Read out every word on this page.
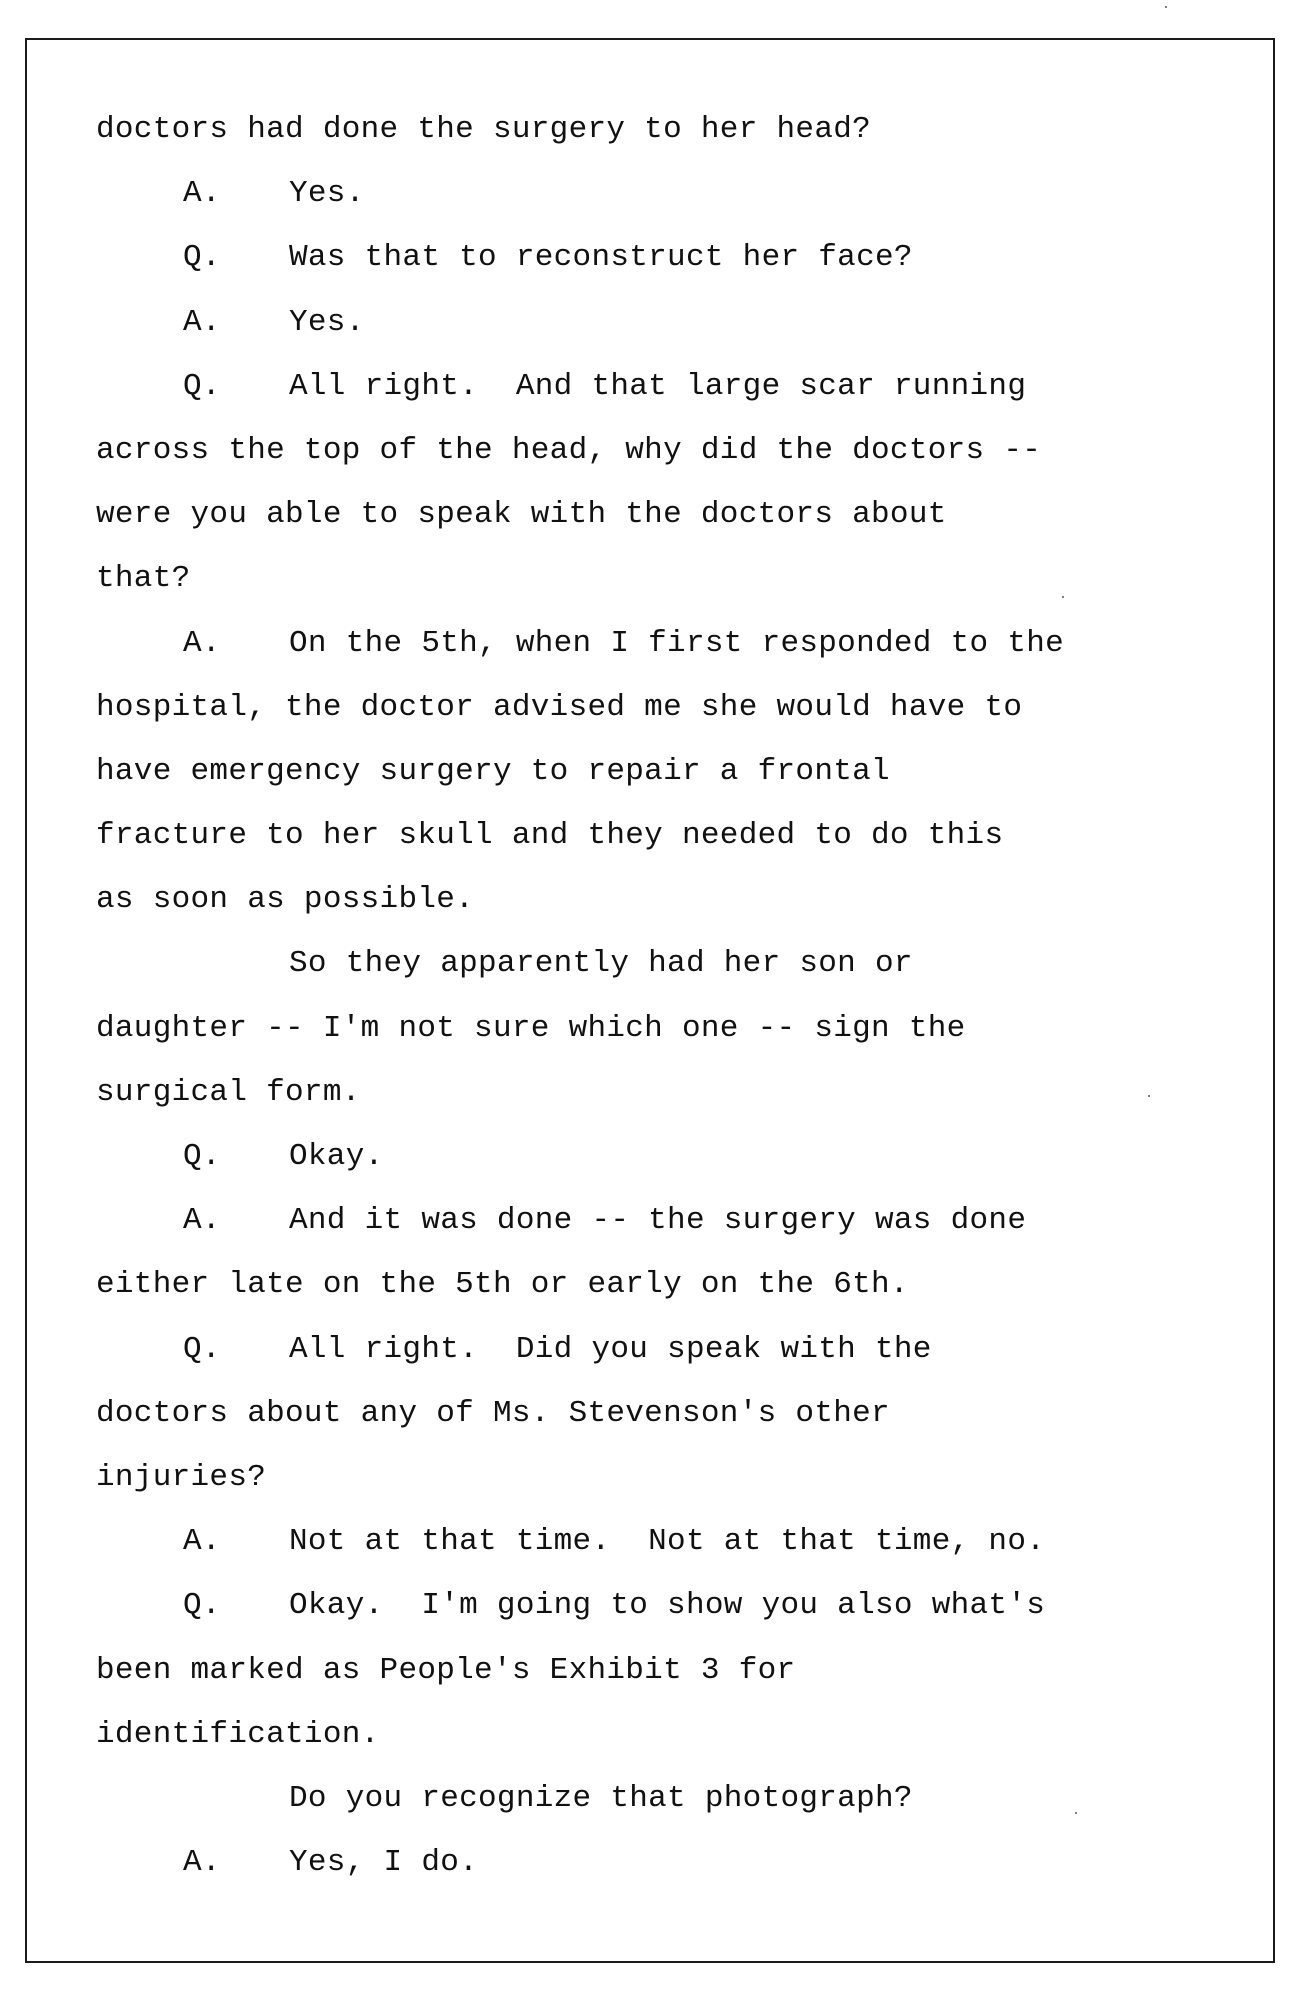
doctors had done the surgery to her head?
A. Yes.
Q. Was that to reconstruct her face?
A. Yes.
Q. All right.  And that large scar running
across the top of the head, why did the doctors --
were you able to speak with the doctors about
that?
A. On the 5th, when I first responded to the
hospital, the doctor advised me she would have to
have emergency surgery to repair a frontal
fracture to her skull and they needed to do this
as soon as possible.
So they apparently had her son or
daughter -- I'm not sure which one -- sign the
surgical form.
Q. Okay.
A. And it was done -- the surgery was done
either late on the 5th or early on the 6th.
Q. All right.  Did you speak with the
doctors about any of Ms. Stevenson's other
injuries?
A. Not at that time.  Not at that time, no.
Q. Okay.  I'm going to show you also what's
been marked as People's Exhibit 3 for
identification.
Do you recognize that photograph?
A. Yes, I do.
